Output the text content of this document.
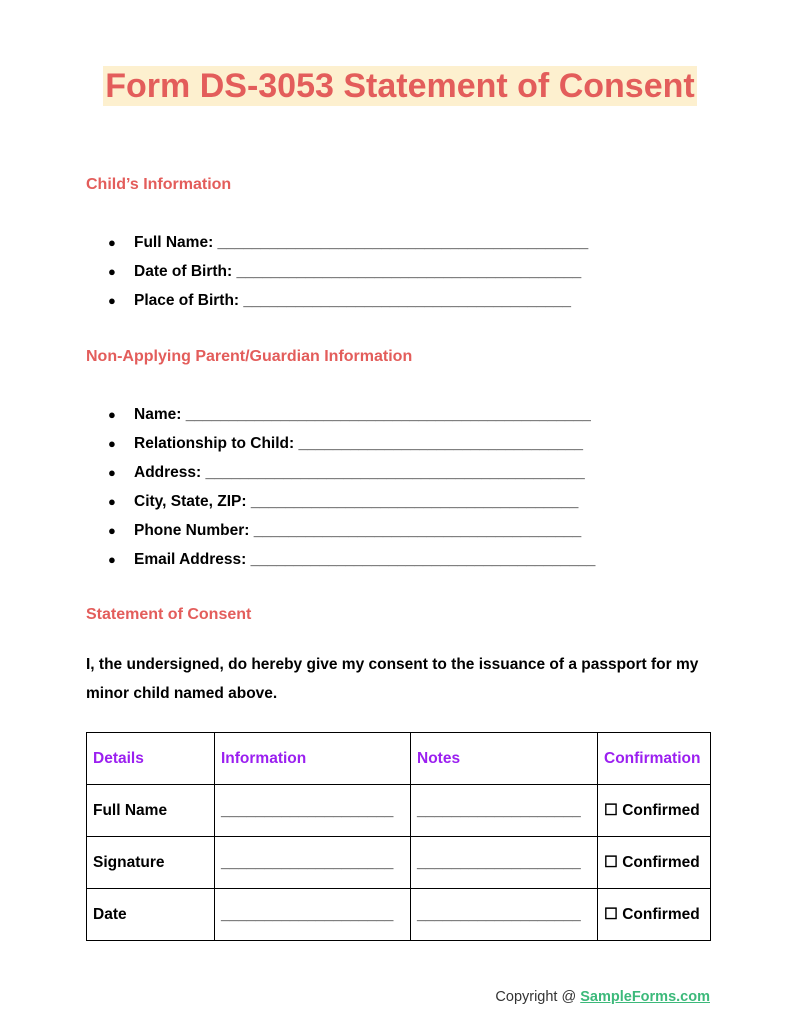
Form DS-3053 Statement of Consent
Child’s Information
● Full Name: ___________________________________________
● Date of Birth: ________________________________________
● Place of Birth: ______________________________________
Non-Applying Parent/Guardian Information
● Name: _______________________________________________
● Relationship to Child: _________________________________
● Address: ____________________________________________
● City, State, ZIP: ______________________________________
● Phone Number: ______________________________________
● Email Address: ________________________________________
Statement of Consent
I, the undersigned, do hereby give my consent to the issuance of a passport for my minor child named above.
Details	Information	Notes	Confirmation
Full Name	____________________	___________________	☐ Confirmed
Signature	____________________	___________________	☐ Confirmed
Date	____________________	___________________	☐ Confirmed
Copyright @ SampleForms.com
